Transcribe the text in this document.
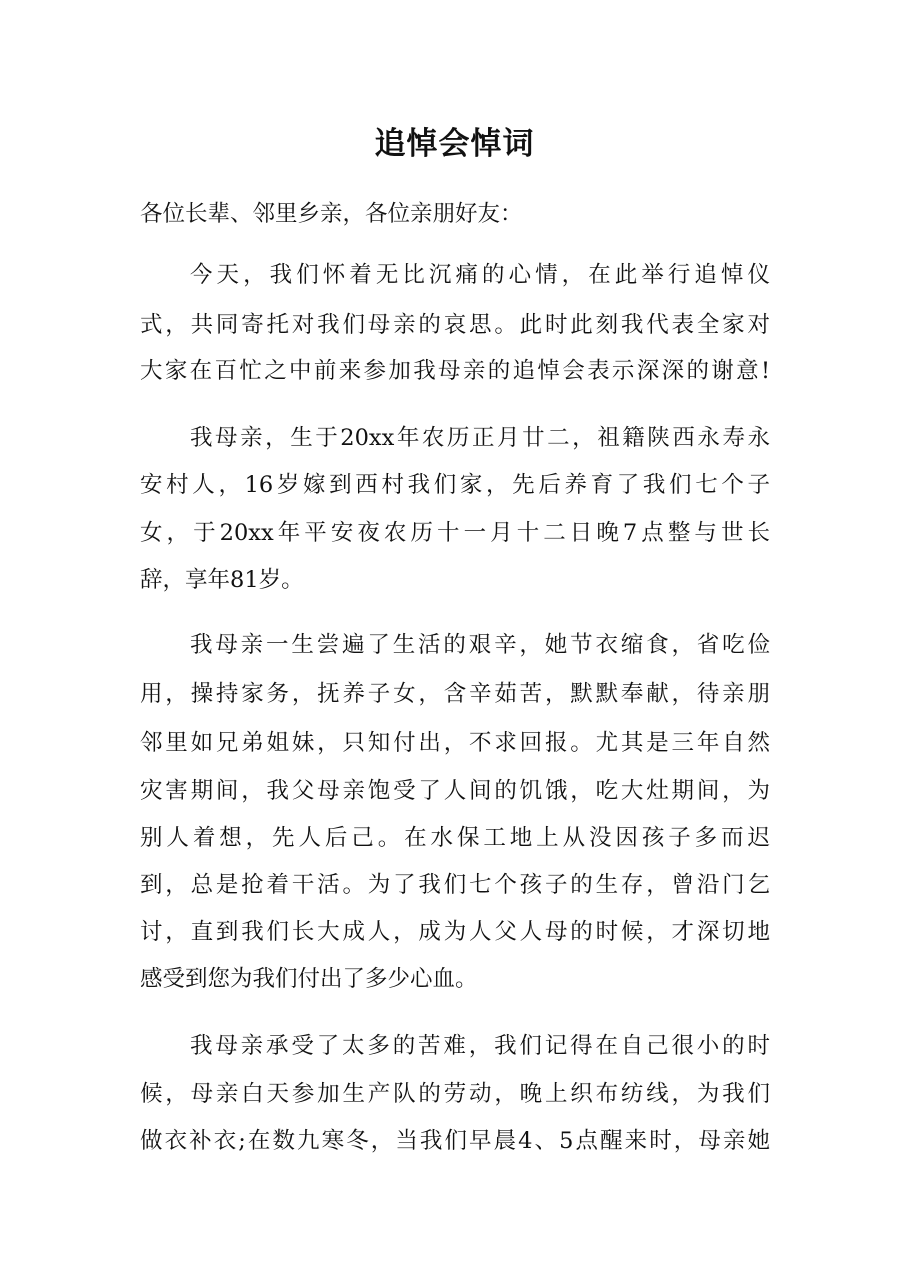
追悼会悼词
各位长辈、邻里乡亲，各位亲朋好友：
今天，我们怀着无比沉痛的心情，在此举行追悼仪
式，共同寄托对我们母亲的哀思。此时此刻我代表全家对
大家在百忙之中前来参加我母亲的追悼会表示深深的谢意!
我母亲，生于20xx年农历正月廿二，祖籍陕西永寿永
安村人，16岁嫁到西村我们家，先后养育了我们七个子
女，于20xx年平安夜农历十一月十二日晚7点整与世长
辞，享年81岁。
我母亲一生尝遍了生活的艰辛，她节衣缩食，省吃俭
用，操持家务，抚养子女，含辛茹苦，默默奉献，待亲朋
邻里如兄弟姐妹，只知付出，不求回报。尤其是三年自然
灾害期间，我父母亲饱受了人间的饥饿，吃大灶期间，为
别人着想，先人后己。在水保工地上从没因孩子多而迟
到，总是抢着干活。为了我们七个孩子的生存，曾沿门乞
讨，直到我们长大成人，成为人父人母的时候，才深切地
感受到您为我们付出了多少心血。
我母亲承受了太多的苦难，我们记得在自己很小的时
候，母亲白天参加生产队的劳动，晚上织布纺线，为我们
做衣补衣;在数九寒冬，当我们早晨4、5点醒来时，母亲她
